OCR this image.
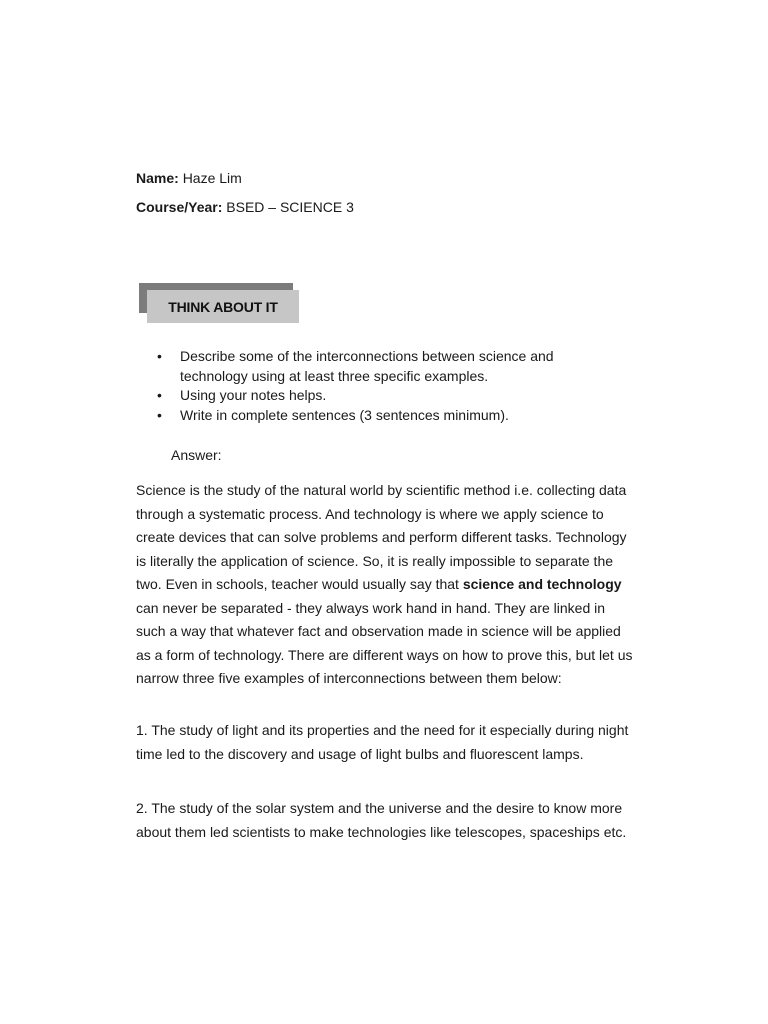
Name: Haze Lim
Course/Year: BSED – SCIENCE 3
THINK ABOUT IT
• Describe some of the interconnections between science and technology using at least three specific examples.
• Using your notes helps.
• Write in complete sentences (3 sentences minimum).
Answer:

Science is the study of the natural world by scientific method i.e. collecting data through a systematic process. And technology is where we apply science to create devices that can solve problems and perform different tasks. Technology is literally the application of science. So, it is really impossible to separate the two. Even in schools, teacher would usually say that science and technology can never be separated - they always work hand in hand. They are linked in such a way that whatever fact and observation made in science will be applied as a form of technology. There are different ways on how to prove this, but let us narrow three five examples of interconnections between them below:

1. The study of light and its properties and the need for it especially during night time led to the discovery and usage of light bulbs and fluorescent lamps.

2. The study of the solar system and the universe and the desire to know more about them led scientists to make technologies like telescopes, spaceships etc.
